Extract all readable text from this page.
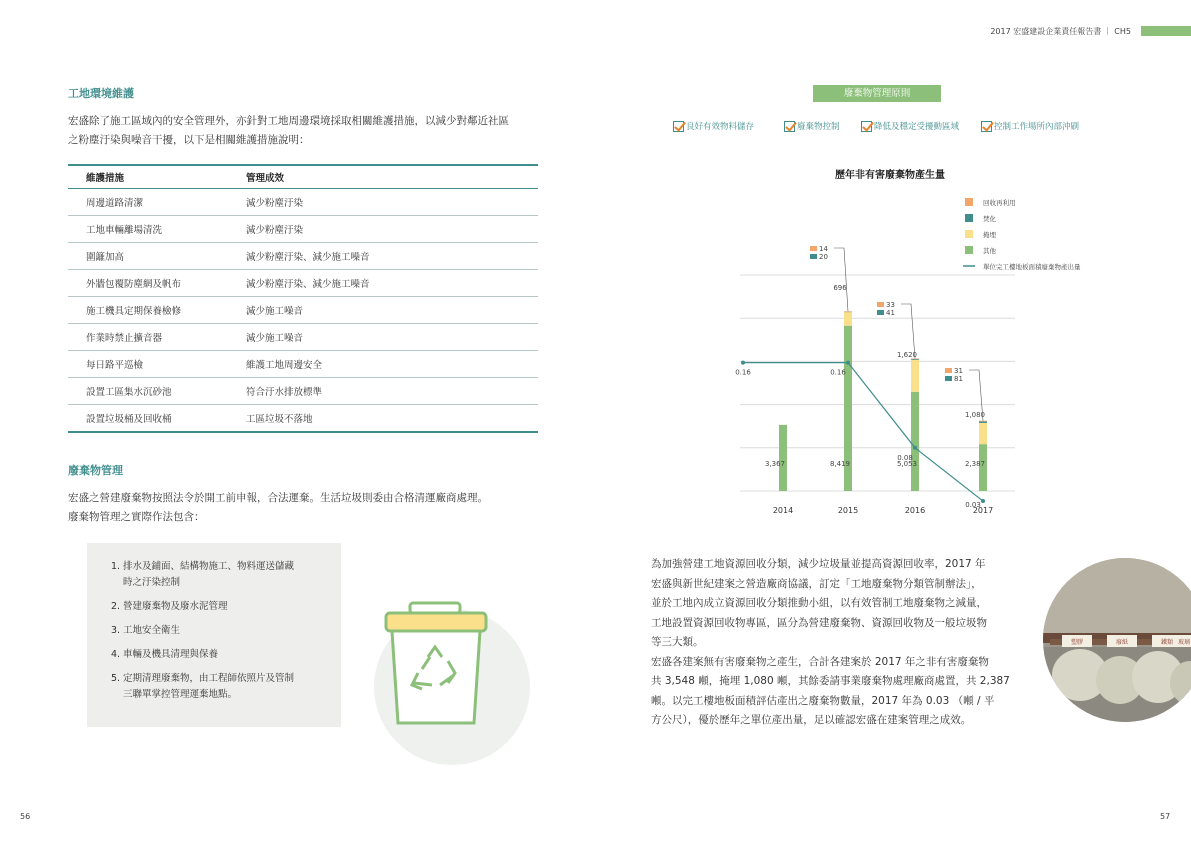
2017 宏盛建設企業責任報告書 ｜ CH5
56	57
工地環境維護
宏盛除了施工區域內的安全管理外，亦針對工地周邊環境採取相關維護措施，以減少對鄰近社區
之粉塵汙染與噪音干擾，以下是相關維護措施說明：
維護措施	管理成效
周邊道路清潔	減少粉塵汙染
工地車輛離場清洗	減少粉塵汙染
圍籬加高	減少粉塵汙染、減少施工噪音
外牆包覆防塵網及帆布	減少粉塵汙染、減少施工噪音
施工機具定期保養檢修	減少施工噪音
作業時禁止擴音器	減少施工噪音
每日路平巡檢	維護工地周邊安全
設置工區集水沉砂池	符合汙水排放標準
設置垃圾桶及回收桶	工區垃圾不落地
廢棄物管理
宏盛之營建廢棄物按照法令於開工前申報，合法運棄。生活垃圾則委由合格清運廠商處理。
廢棄物管理之實際作法包含：
1. 排水及鋪面、結構物施工、物料運送儲藏
時之汙染控制
2. 營建廢棄物及廢水泥管理
3. 工地安全衛生
4. 車輛及機具清理與保養
5. 定期清理廢棄物，由工程師依照片及管制
三聯單掌控管理運棄地點。
廢棄物管理原則
良好有效物料儲存	廢棄物控制	降低及穩定受擾動區域	控制工作場所內部沖刷
歷年非有害廢棄物產生量
2014
3,367
2015
8,419
696
14
20
2016
5,053
1,620
33
41
2017
2,387
1,080
31
81
0.16	0.16
0.08
0.03
回收再利用
焚化
掩埋
其他
單位完工樓地板面積廢棄物產出量
為加強營建工地資源回收分類，減少垃圾量並提高資源回收率，2017 年
宏盛與新世紀建案之營造廠商協議，訂定「工地廢棄物分類管制辦法」，
並於工地內成立資源回收分類推動小組，以有效管制工地廢棄物之減量，
工地設置資源回收物專區，區分為營建廢棄物、資源回收物及一般垃圾物
等三大類。
宏盛各建案無有害廢棄物之產生，合計各建案於 2017 年之非有害廢棄物
共 3,548 噸，掩埋 1,080 噸，其餘委請事業廢棄物處理廠商處置，共 2,387
噸。以完工樓地板面積評估產出之廢棄物數量，2017 年為 0.03 （噸 / 平
方公尺），優於歷年之單位產出量，足以確認宏盛在建案管理之成效。
塑膠	廢紙	鐵類 玻璃
